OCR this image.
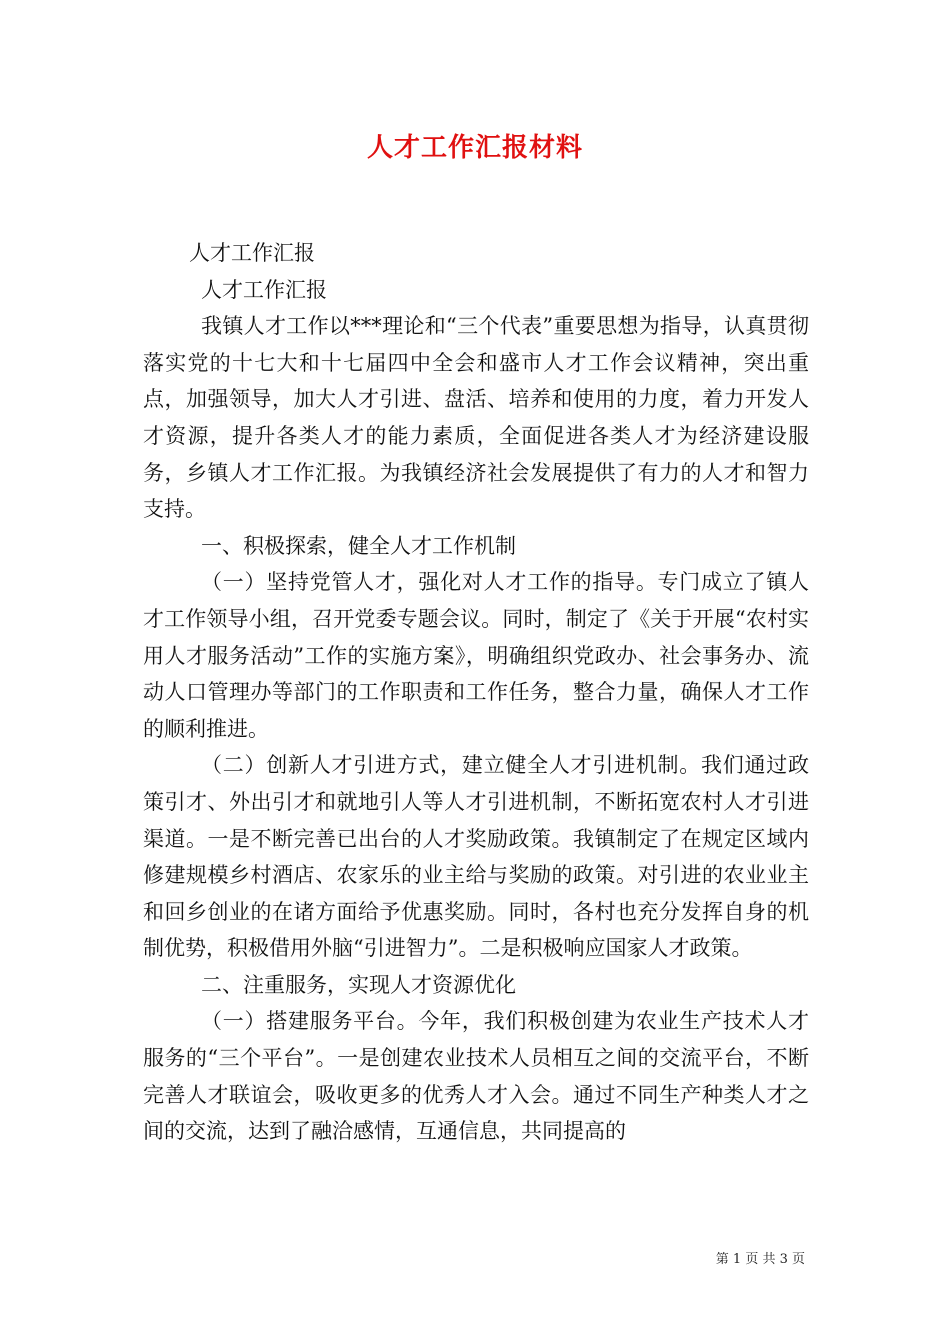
人才工作汇报材料

人才工作汇报

人才工作汇报

我镇人才工作以***理论和“三个代表”重要思想为指导，认真贯彻落实党的十七大和十七届四中全会和盛市人才工作会议精神，突出重点，加强领导，加大人才引进、盘活、培养和使用的力度，着力开发人才资源，提升各类人才的能力素质，全面促进各类人才为经济建设服务，乡镇人才工作汇报。为我镇经济社会发展提供了有力的人才和智力支持。

一、积极探索，健全人才工作机制

（一）坚持党管人才，强化对人才工作的指导。专门成立了镇人才工作领导小组，召开党委专题会议。同时，制定了《关于开展“农村实用人才服务活动”工作的实施方案》，明确组织党政办、社会事务办、流动人口管理办等部门的工作职责和工作任务，整合力量，确保人才工作的顺利推进。

（二）创新人才引进方式，建立健全人才引进机制。我们通过政策引才、外出引才和就地引人等人才引进机制，不断拓宽农村人才引进渠道。一是不断完善已出台的人才奖励政策。我镇制定了在规定区域内修建规模乡村酒店、农家乐的业主给与奖励的政策。对引进的农业业主和回乡创业的在诸方面给予优惠奖励。同时，各村也充分发挥自身的机制优势，积极借用外脑“引进智力”。二是积极响应国家人才政策。

二、注重服务，实现人才资源优化

（一）搭建服务平台。今年，我们积极创建为农业生产技术人才服务的“三个平台”。一是创建农业技术人员相互之间的交流平台，不断完善人才联谊会，吸收更多的优秀人才入会。通过不同生产种类人才之间的交流，达到了融洽感情，互通信息，共同提高的

第 1 页 共 3 页
